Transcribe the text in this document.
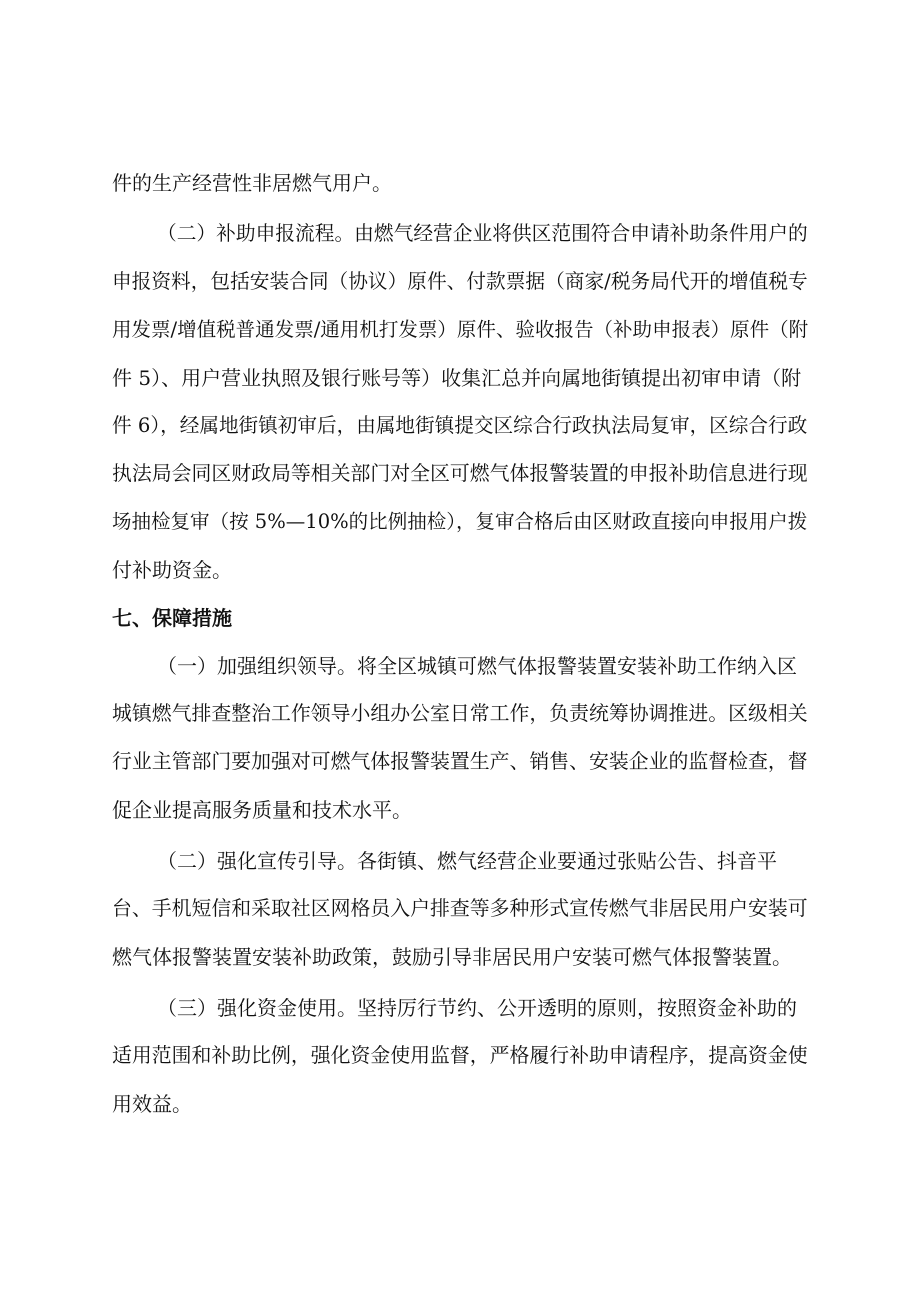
件的生产经营性非居燃气用户。
（二）补助申报流程。由燃气经营企业将供区范围符合申请补助条件用户的
申报资料，包括安装合同（协议）原件、付款票据（商家/税务局代开的增值税专
用发票/增值税普通发票/通用机打发票）原件、验收报告（补助申报表）原件（附
件 5）、用户营业执照及银行账号等）收集汇总并向属地街镇提出初审申请（附
件 6），经属地街镇初审后，由属地街镇提交区综合行政执法局复审，区综合行政
执法局会同区财政局等相关部门对全区可燃气体报警装置的申报补助信息进行现
场抽检复审（按 5%—10%的比例抽检），复审合格后由区财政直接向申报用户拨
付补助资金。
七、保障措施
（一）加强组织领导。将全区城镇可燃气体报警装置安装补助工作纳入区
城镇燃气排查整治工作领导小组办公室日常工作，负责统筹协调推进。区级相关
行业主管部门要加强对可燃气体报警装置生产、销售、安装企业的监督检查，督
促企业提高服务质量和技术水平。
（二）强化宣传引导。各街镇、燃气经营企业要通过张贴公告、抖音平
台、手机短信和采取社区网格员入户排查等多种形式宣传燃气非居民用户安装可
燃气体报警装置安装补助政策，鼓励引导非居民用户安装可燃气体报警装置。
（三）强化资金使用。坚持厉行节约、公开透明的原则，按照资金补助的
适用范围和补助比例，强化资金使用监督，严格履行补助申请程序，提高资金使
用效益。
